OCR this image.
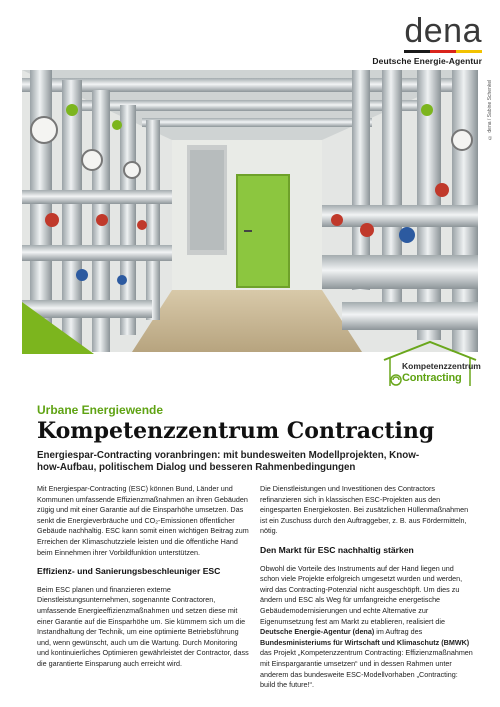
dena
Deutsche Energie-Agentur
© dena / Sabine Schenkel
Kompetenzzentrum
Contracting
Urbane Energiewende
Kompetenzzentrum Contracting
Energiespar-Contracting voranbringen: mit bundesweiten Modellprojekten, Know-how-Aufbau, politischem Dialog und besseren Rahmenbedingungen

Mit Energiespar-Contracting (ESC) können Bund, Länder und Kommunen umfassende Effizienzmaßnahmen an ihren Gebäuden zügig und mit einer Garantie auf die Einsparhöhe umsetzen. Das senkt die Energieverbräuche und CO₂-Emissionen öffentlicher Gebäude nachhaltig. ESC kann somit einen wichtigen Beitrag zum Erreichen der Klimaschutzziele leisten und die öffentliche Hand beim Einnehmen ihrer Vorbildfunktion unterstützen.

Effizienz- und Sanierungsbeschleuniger ESC

Beim ESC planen und finanzieren externe Dienstleistungsunternehmen, sogenannte Contractoren, umfassende Energieeffizienzmaßnahmen und setzen diese mit einer Garantie auf die Einsparhöhe um. Sie kümmern sich um die Instandhaltung der Technik, um eine optimierte Betriebsführung und, wenn gewünscht, auch um die Wartung. Durch Monitoring und kontinuierliches Optimieren gewährleistet der Contractor, dass die garantierte Einsparung auch erreicht wird.

Die Dienstleistungen und Investitionen des Contractors refinanzieren sich in klassischen ESC-Projekten aus den eingesparten Energiekosten. Bei zusätzlichen Hüllenmaßnahmen ist ein Zuschuss durch den Auftraggeber, z. B. aus Fördermitteln, nötig.

Den Markt für ESC nachhaltig stärken

Obwohl die Vorteile des Instruments auf der Hand liegen und schon viele Projekte erfolgreich umgesetzt wurden und werden, wird das Contracting-Potenzial nicht ausgeschöpft. Um dies zu ändern und ESC als Weg für umfangreiche energetische Gebäudemodernisierungen und echte Alternative zur Eigenumsetzung fest am Markt zu etablieren, realisiert die Deutsche Energie-Agentur (dena) im Auftrag des Bundesministeriums für Wirtschaft und Klimaschutz (BMWK) das Projekt „Kompetenzzentrum Contracting: Effizienzmaßnahmen mit Einspargarantie umsetzen“ und in dessen Rahmen unter anderem das bundesweite ESC-Modellvorhaben „Contracting: build the future!“.
